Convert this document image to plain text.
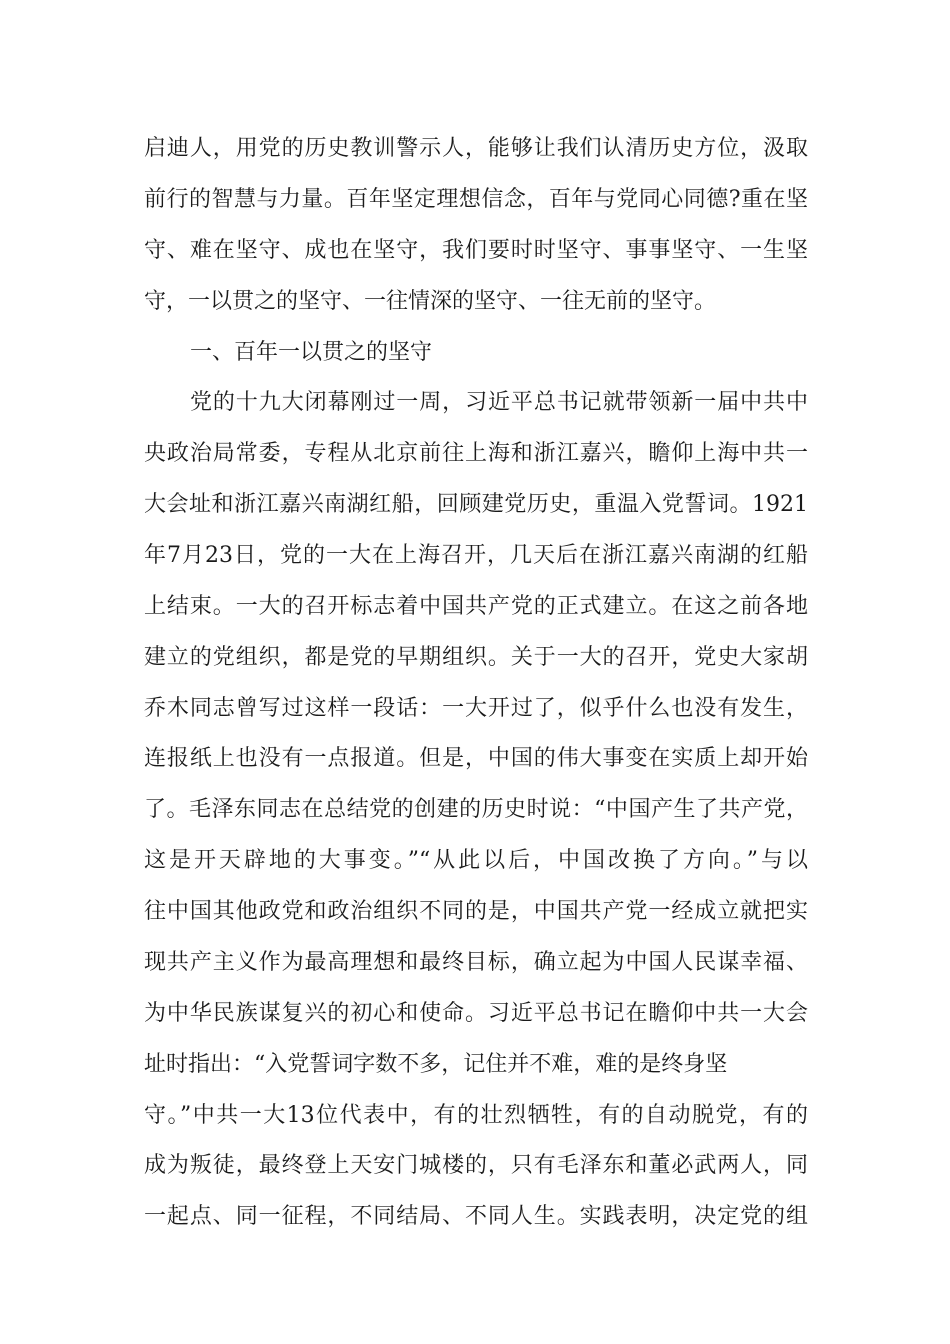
启迪人，用党的历史教训警示人，能够让我们认清历史方位，汲取
前行的智慧与力量。百年坚定理想信念，百年与党同心同德?重在坚
守、难在坚守、成也在坚守，我们要时时坚守、事事坚守、一生坚
守，一以贯之的坚守、一往情深的坚守、一往无前的坚守。
一、百年一以贯之的坚守
党的十九大闭幕刚过一周，习近平总书记就带领新一届中共中
央政治局常委，专程从北京前往上海和浙江嘉兴，瞻仰上海中共一
大会址和浙江嘉兴南湖红船，回顾建党历史，重温入党誓词。1921
年7月23日，党的一大在上海召开，几天后在浙江嘉兴南湖的红船
上结束。一大的召开标志着中国共产党的正式建立。在这之前各地
建立的党组织，都是党的早期组织。关于一大的召开，党史大家胡
乔木同志曾写过这样一段话：一大开过了，似乎什么也没有发生，
连报纸上也没有一点报道。但是，中国的伟大事变在实质上却开始
了。毛泽东同志在总结党的创建的历史时说：“中国产生了共产党，
这是开天辟地的大事变。”“从此以后，中国改换了方向。”与以
往中国其他政党和政治组织不同的是，中国共产党一经成立就把实
现共产主义作为最高理想和最终目标，确立起为中国人民谋幸福、
为中华民族谋复兴的初心和使命。习近平总书记在瞻仰中共一大会
址时指出：“入党誓词字数不多，记住并不难，难的是终身坚
守。”中共一大13位代表中，有的壮烈牺牲，有的自动脱党，有的
成为叛徒，最终登上天安门城楼的，只有毛泽东和董必武两人，同
一起点、同一征程，不同结局、不同人生。实践表明，决定党的组
